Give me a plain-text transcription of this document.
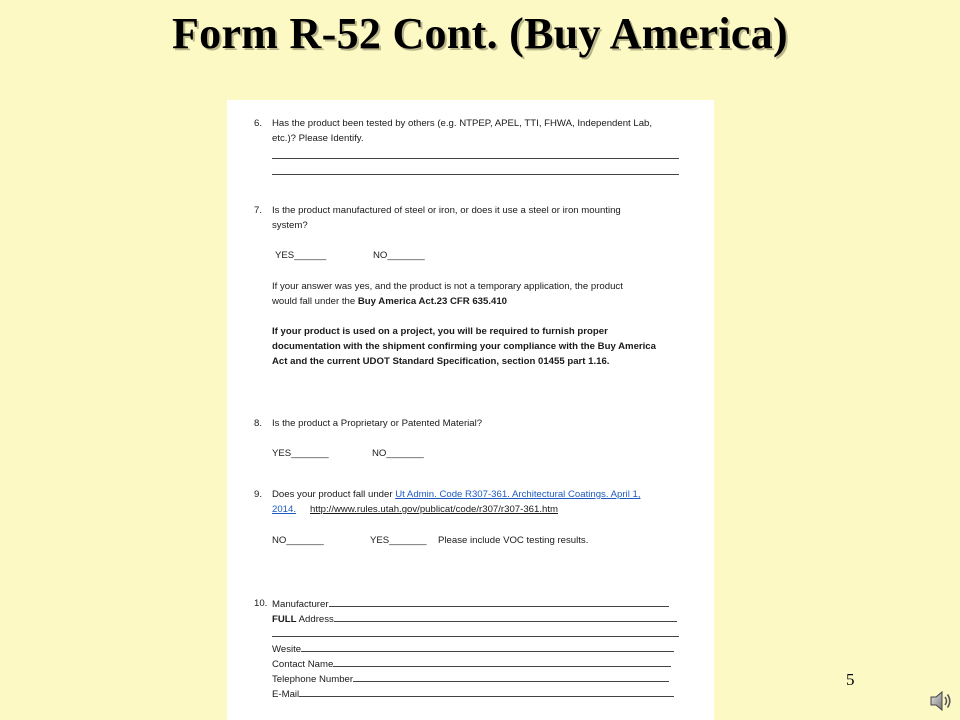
Form R-52 Cont. (Buy America)
6. Has the product been tested by others (e.g. NTPEP, APEL, TTI, FHWA, Independent Lab,
etc.)? Please Identify.
7. Is the product manufactured of steel or iron, or does it use a steel or iron mounting
system?
YES______	NO_______
If your answer was yes, and the product is not a temporary application, the product
would fall under the Buy America Act.23 CFR 635.410
If your product is used on a project, you will be required to furnish proper
documentation with the shipment confirming your compliance with the Buy America
Act and the current UDOT Standard Specification, section 01455 part 1.16.
8. Is the product a Proprietary or Patented Material?
YES_______	NO_______
9. Does your product fall under Ut Admin. Code R307-361. Architectural Coatings. April 1,
2014. http://www.rules.utah.gov/publicat/code/r307/r307-361.htm
NO_______	YES_______ Please include VOC testing results.
10. Manufacturer
FULL Address
Wesite
Contact Name
Telephone Number
E-Mail
5
